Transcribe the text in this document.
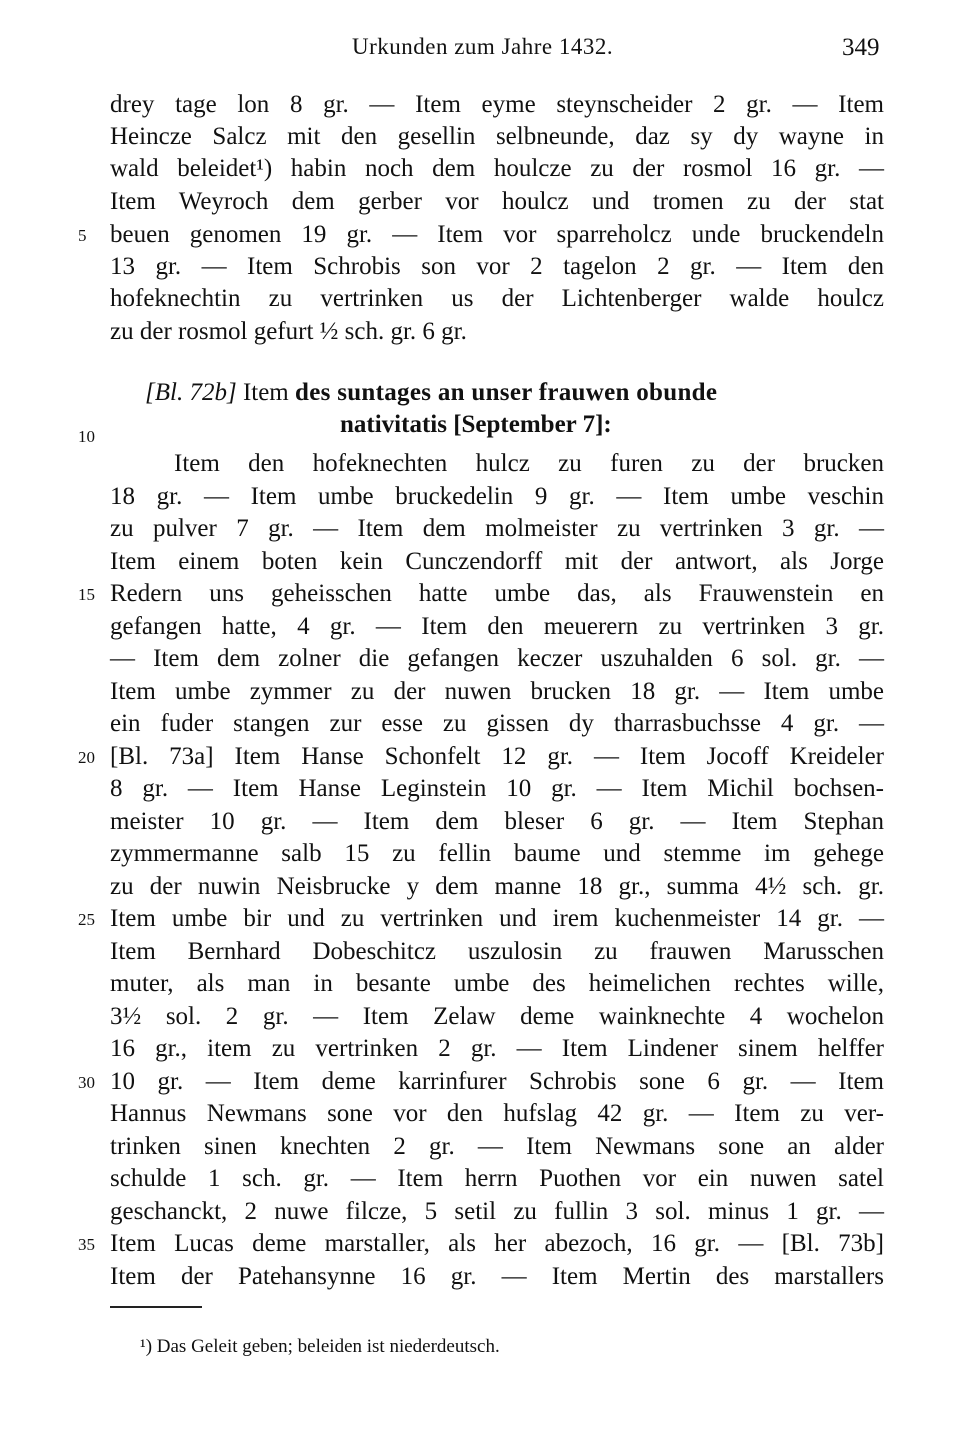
Urkunden zum Jahre 1432.	349
drey tage lon 8 gr. — Item eyme steynscheider 2 gr. — Item
Heincze Salcz mit den gesellin selbneunde, daz sy dy wayne in
wald beleidet¹) habin noch dem houlcze zu der rosmol 16 gr. —
Item Weyroch dem gerber vor houlcz und tromen zu der stat
5 beuen genomen 19 gr. — Item vor sparreholcz unde bruckendeln
13 gr. — Item Schrobis son vor 2 tagelon 2 gr. — Item den
hofeknechtin zu vertrinken us der Lichtenberger walde houlcz
zu der rosmol gefurt ½ sch. gr. 6 gr.
[Bl. 72b] Item des suntages an unser frauwen obunde
10	nativitatis [September 7]:
Item den hofeknechten hulcz zu furen zu der brucken
18 gr. — Item umbe bruckedelin 9 gr. — Item umbe veschin
zu pulver 7 gr. — Item dem molmeister zu vertrinken 3 gr. —
Item einem boten kein Cunczendorff mit der antwort, als Jorge
15 Redern uns geheisschen hatte umbe das, als Frauwenstein en
gefangen hatte, 4 gr. — Item den meuerern zu vertrinken 3 gr.
— Item dem zolner die gefangen keczer uszuhalden 6 sol. gr. —
Item umbe zymmer zu der nuwen brucken 18 gr. — Item umbe
ein fuder stangen zur esse zu gissen dy tharrasbuchsse 4 gr. —
20 [Bl. 73a] Item Hanse Schonfelt 12 gr. — Item Jocoff Kreideler
8 gr. — Item Hanse Leginstein 10 gr. — Item Michil bochsen-
meister 10 gr. — Item dem bleser 6 gr. — Item Stephan
zymmermanne salb 15 zu fellin baume und stemme im gehege
zu der nuwin Neisbrucke y dem manne 18 gr., summa 4½ sch. gr.
25 Item umbe bir und zu vertrinken und irem kuchenmeister 14 gr. —
Item Bernhard Dobeschitcz uszulosin zu frauwen Marusschen
muter, als man in besante umbe des heimelichen rechtes wille,
3½ sol. 2 gr. — Item Zelaw deme wainknechte 4 wochelon
16 gr., item zu vertrinken 2 gr. — Item Lindener sinem helffer
30 10 gr. — Item deme karrinfurer Schrobis sone 6 gr. — Item
Hannus Newmans sone vor den hufslag 42 gr. — Item zu ver-
trinken sinen knechten 2 gr. — Item Newmans sone an alder
schulde 1 sch. gr. — Item herrn Puothen vor ein nuwen satel
geschanckt, 2 nuwe filcze, 5 setil zu fullin 3 sol. minus 1 gr. —
35 Item Lucas deme marstaller, als her abezoch, 16 gr. — [Bl. 73b]
Item der Patehansynne 16 gr. — Item Mertin des marstallers
¹) Das Geleit geben; beleiden ist niederdeutsch.
